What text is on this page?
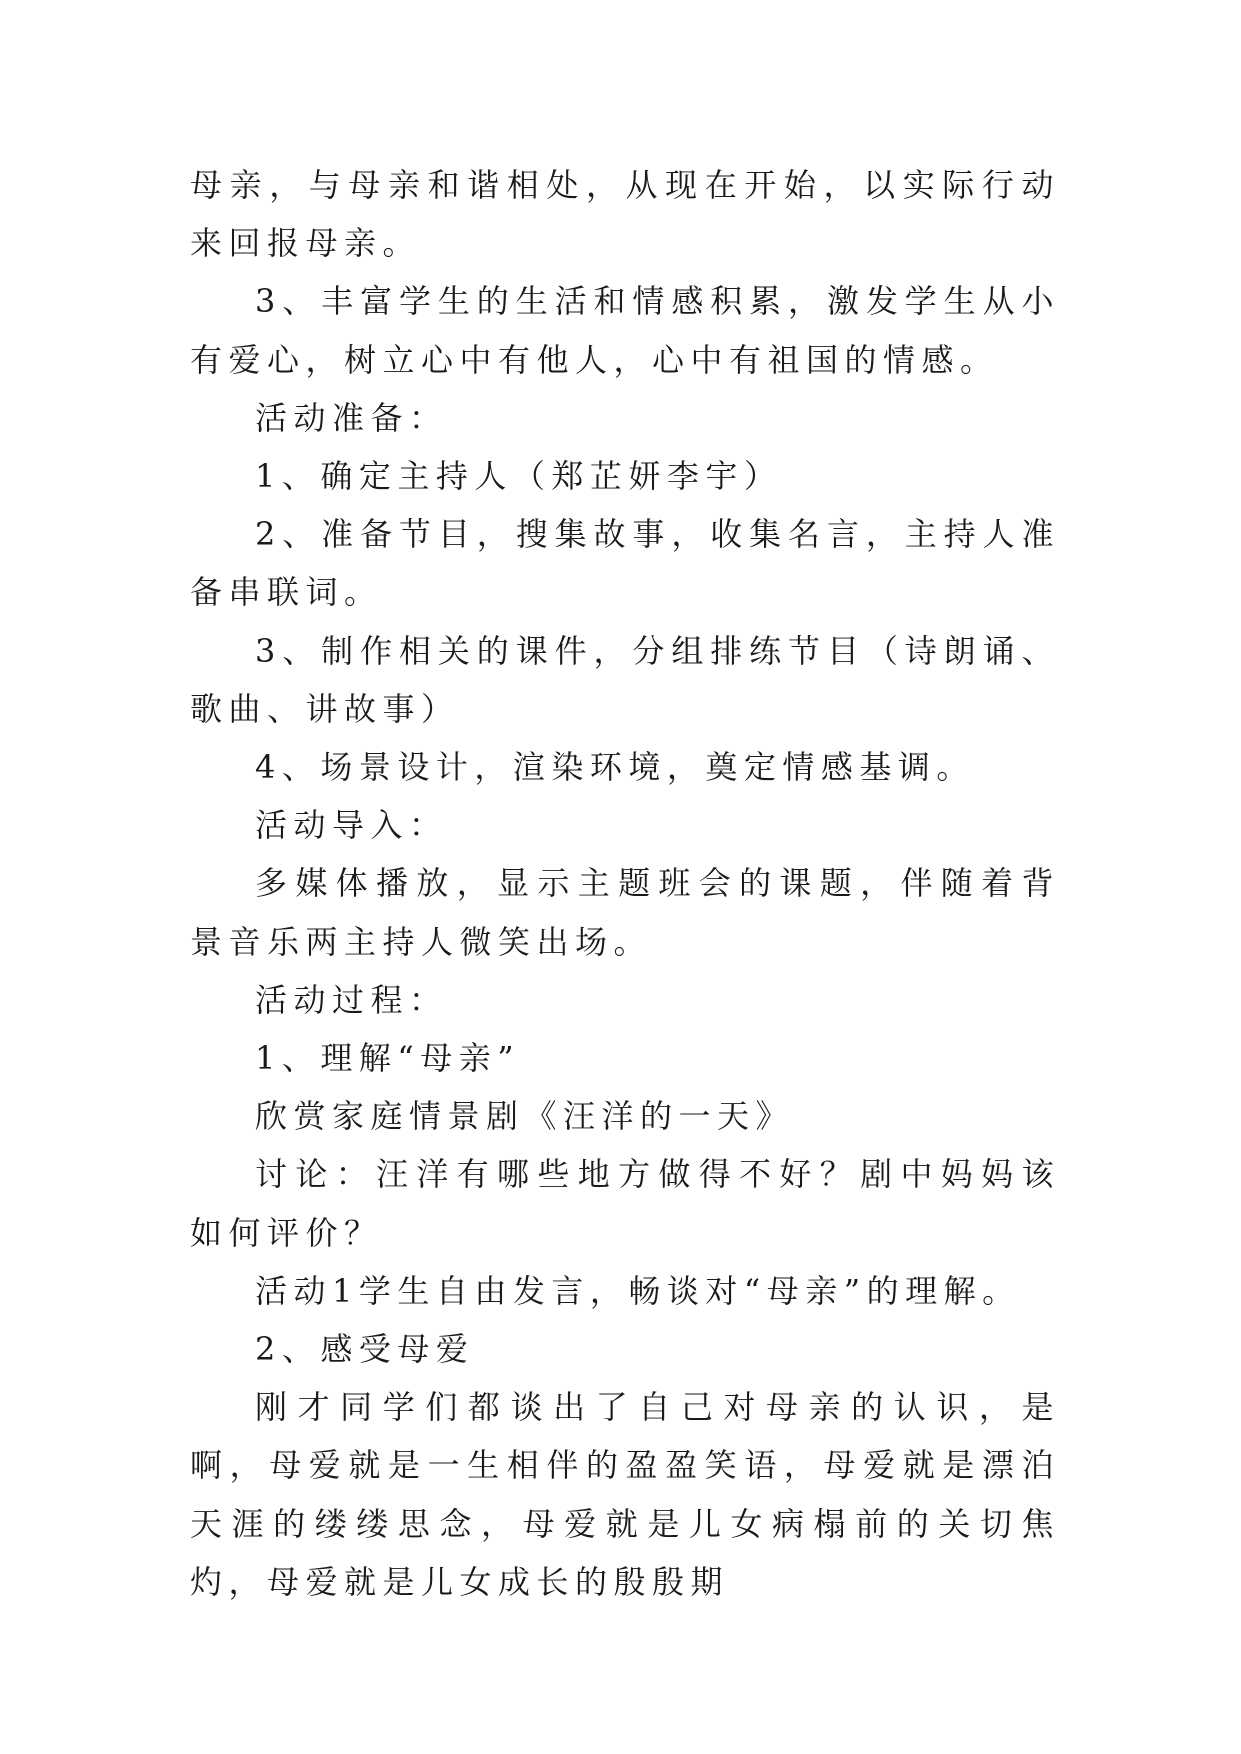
母亲，与母亲和谐相处，从现在开始，以实际行动来回报母亲。

3、丰富学生的生活和情感积累，激发学生从小有爱心，树立心中有他人，心中有祖国的情感。

活动准备：

1、确定主持人（郑芷妍李宇）

2、准备节目，搜集故事，收集名言，主持人准备串联词。

3、制作相关的课件，分组排练节目（诗朗诵、歌曲、讲故事）

4、场景设计，渲染环境，奠定情感基调。

活动导入：

多媒体播放，显示主题班会的课题，伴随着背景音乐两主持人微笑出场。

活动过程：

1、理解“母亲”

欣赏家庭情景剧《汪洋的一天》

讨论：汪洋有哪些地方做得不好？剧中妈妈该如何评价？

活动1学生自由发言，畅谈对“母亲”的理解。

2、感受母爱

刚才同学们都谈出了自己对母亲的认识，是啊，母爱就是一生相伴的盈盈笑语，母爱就是漂泊天涯的缕缕思念，母爱就是儿女病榻前的关切焦灼，母爱就是儿女成长的殷殷期
